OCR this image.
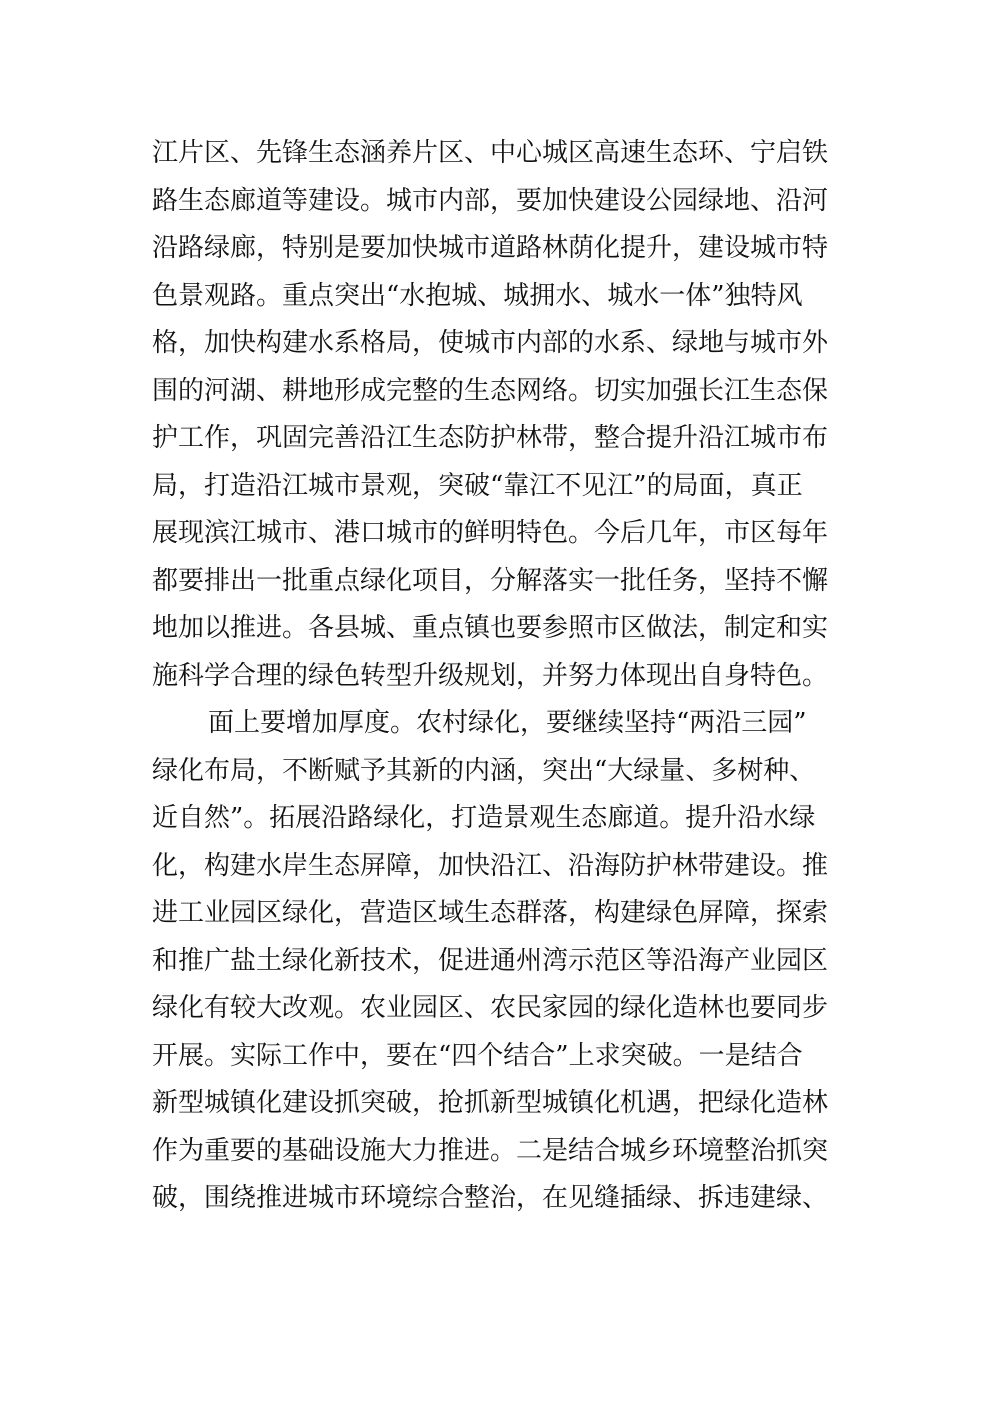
江片区、先锋生态涵养片区、中心城区高速生态环、宁启铁
路生态廊道等建设。城市内部，要加快建设公园绿地、沿河
沿路绿廊，特别是要加快城市道路林荫化提升，建设城市特
色景观路。重点突出“水抱城、城拥水、城水一体”独特风
格，加快构建水系格局，使城市内部的水系、绿地与城市外
围的河湖、耕地形成完整的生态网络。切实加强长江生态保
护工作，巩固完善沿江生态防护林带，整合提升沿江城市布
局，打造沿江城市景观，突破“靠江不见江”的局面，真正
展现滨江城市、港口城市的鲜明特色。今后几年，市区每年
都要排出一批重点绿化项目，分解落实一批任务，坚持不懈
地加以推进。各县城、重点镇也要参照市区做法，制定和实
施科学合理的绿色转型升级规划，并努力体现出自身特色。
面上要增加厚度。农村绿化，要继续坚持“两沿三园”
绿化布局，不断赋予其新的内涵，突出“大绿量、多树种、
近自然”。拓展沿路绿化，打造景观生态廊道。提升沿水绿
化，构建水岸生态屏障，加快沿江、沿海防护林带建设。推
进工业园区绿化，营造区域生态群落，构建绿色屏障，探索
和推广盐土绿化新技术，促进通州湾示范区等沿海产业园区
绿化有较大改观。农业园区、农民家园的绿化造林也要同步
开展。实际工作中，要在“四个结合”上求突破。一是结合
新型城镇化建设抓突破，抢抓新型城镇化机遇，把绿化造林
作为重要的基础设施大力推进。二是结合城乡环境整治抓突
破，围绕推进城市环境综合整治，在见缝插绿、拆违建绿、
